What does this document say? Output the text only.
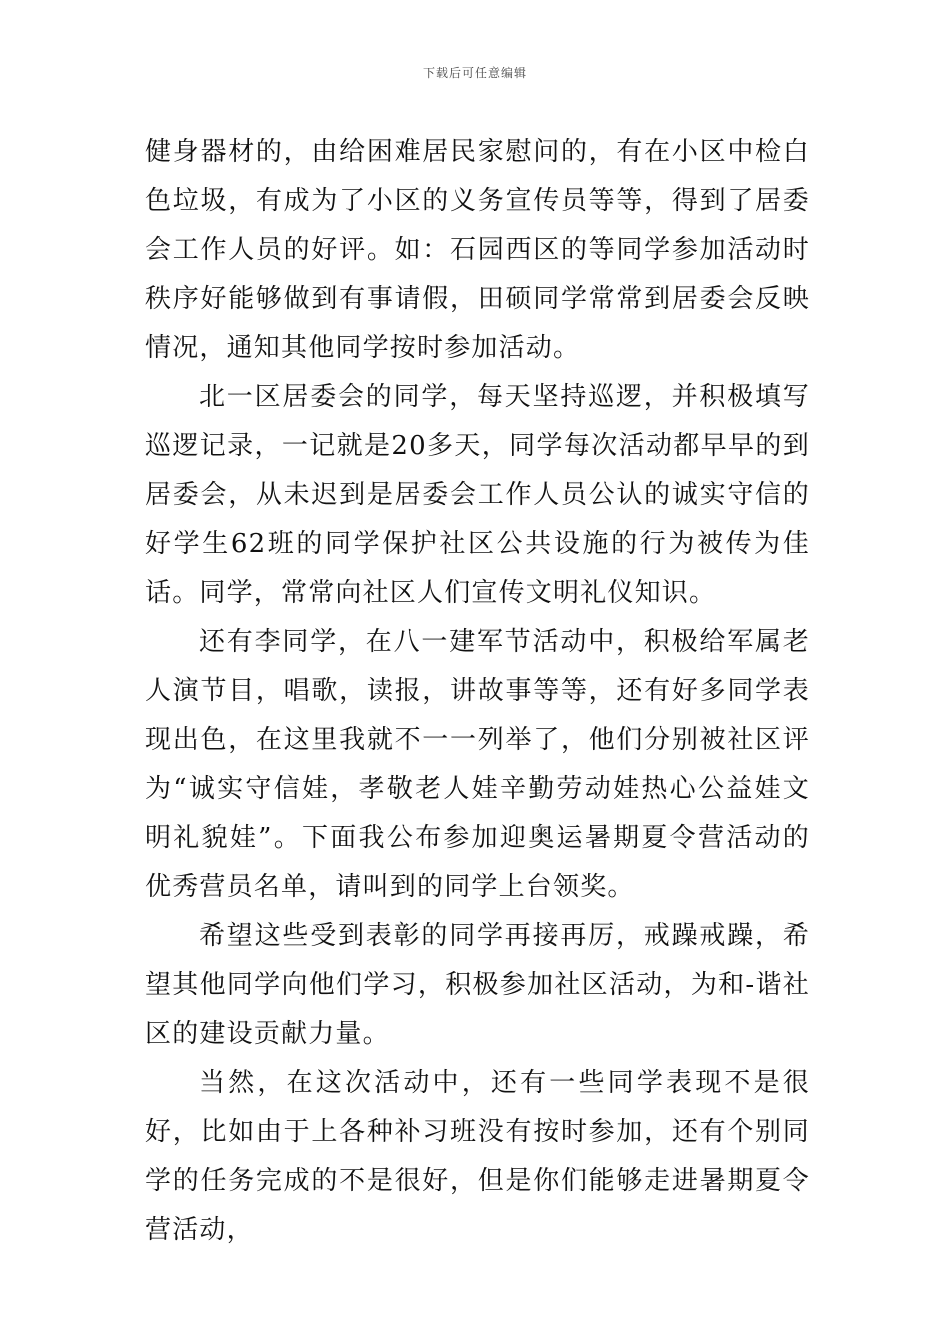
下载后可任意编辑

健身器材的，由给困难居民家慰问的，有在小区中检白色垃圾，有成为了小区的义务宣传员等等，得到了居委会工作人员的好评。如：石园西区的等同学参加活动时秩序好能够做到有事请假，田硕同学常常到居委会反映情况，通知其他同学按时参加活动。

北一区居委会的同学，每天坚持巡逻，并积极填写巡逻记录，一记就是20多天，同学每次活动都早早的到居委会，从未迟到是居委会工作人员公认的诚实守信的好学生62班的同学保护社区公共设施的行为被传为佳话。同学，常常向社区人们宣传文明礼仪知识。

还有李同学，在八一建军节活动中，积极给军属老人演节目，唱歌，读报，讲故事等等，还有好多同学表现出色，在这里我就不一一列举了，他们分别被社区评为“诚实守信娃，孝敬老人娃辛勤劳动娃热心公益娃文明礼貌娃”。下面我公布参加迎奥运暑期夏令营活动的优秀营员名单，请叫到的同学上台领奖。

希望这些受到表彰的同学再接再厉，戒躁戒躁，希望其他同学向他们学习，积极参加社区活动，为和-谐社区的建设贡献力量。

当然，在这次活动中，还有一些同学表现不是很好，比如由于上各种补习班没有按时参加，还有个别同学的任务完成的不是很好，但是你们能够走进暑期夏令营活动，
